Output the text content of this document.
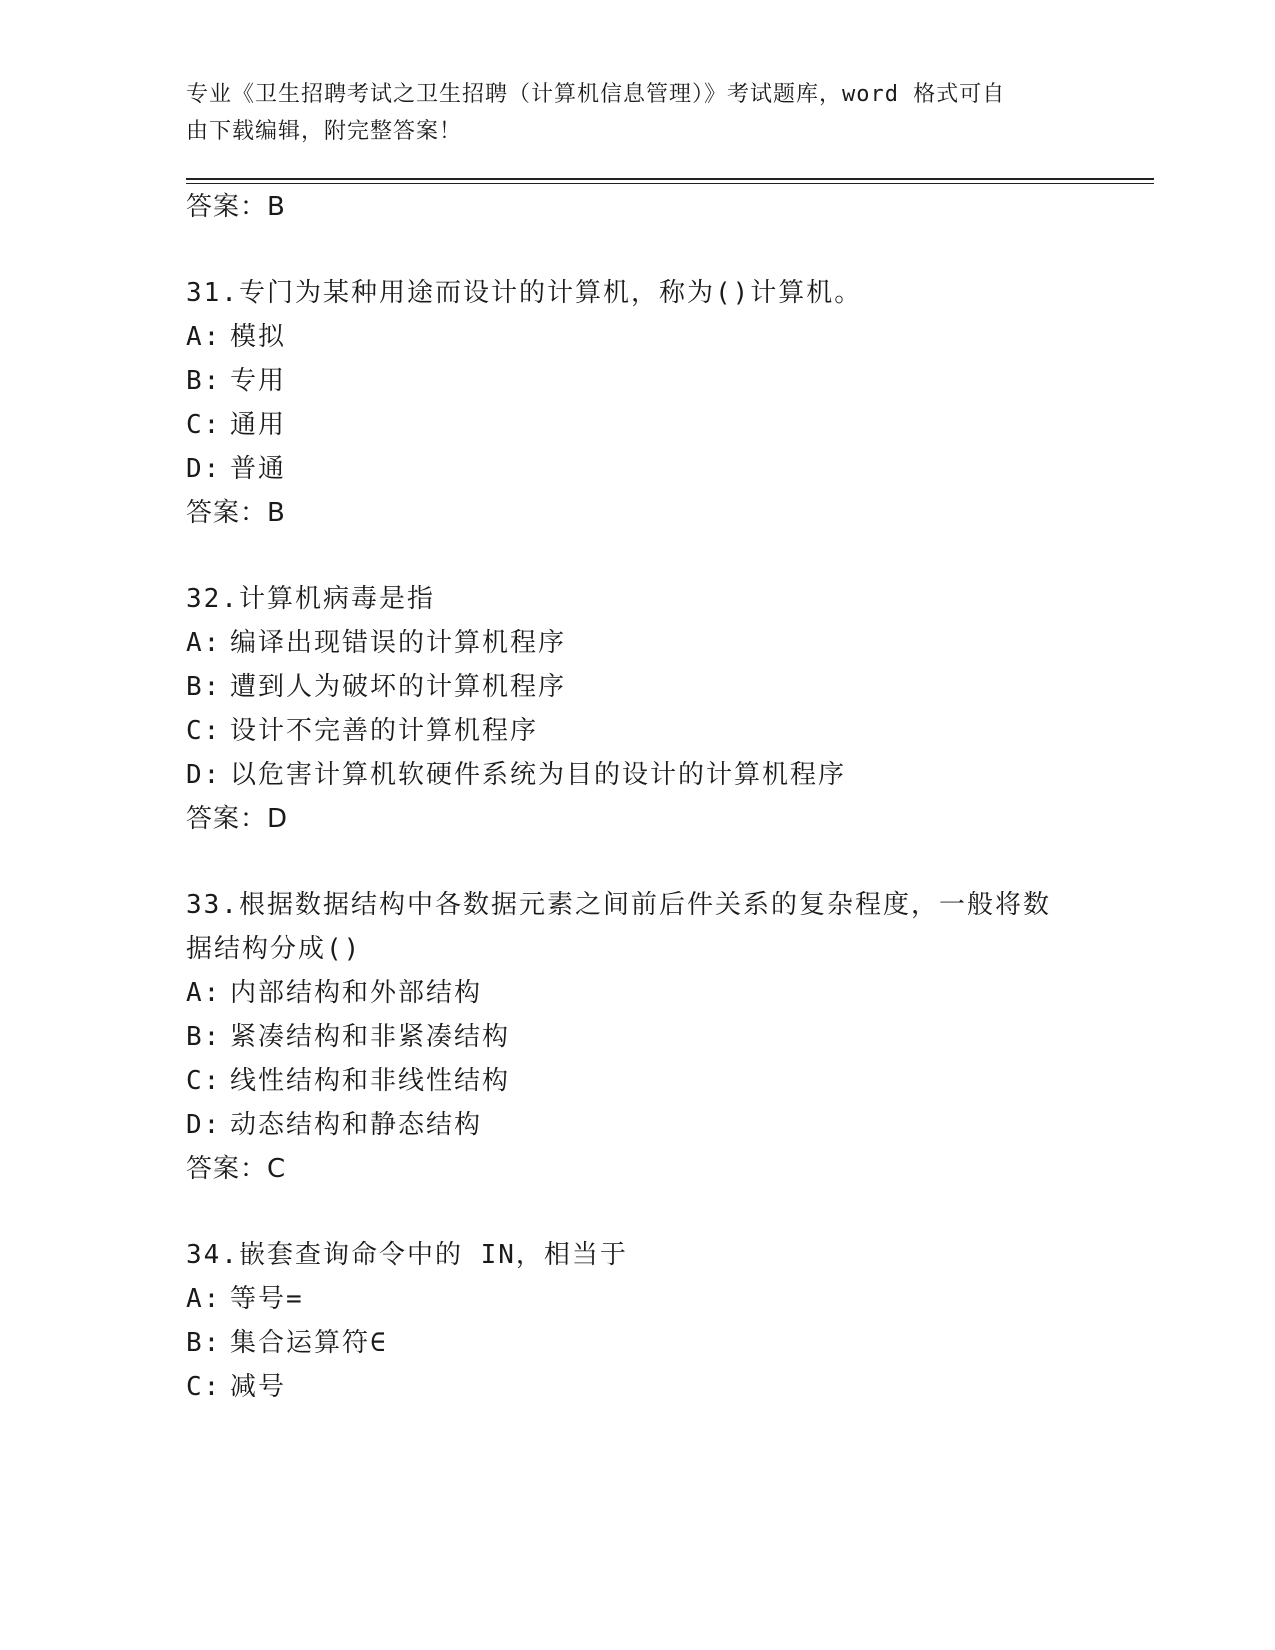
专业《卫生招聘考试之卫生招聘（计算机信息管理）》考试题库，word 格式可自
由下载编辑，附完整答案！
答案：B
31.专门为某种用途而设计的计算机，称为()计算机。
A: 模拟
B: 专用
C: 通用
D: 普通
答案：B
32.计算机病毒是指
A: 编译出现错误的计算机程序
B: 遭到人为破坏的计算机程序
C: 设计不完善的计算机程序
D: 以危害计算机软硬件系统为目的设计的计算机程序
答案：D
33.根据数据结构中各数据元素之间前后件关系的复杂程度，一般将数
据结构分成()
A: 内部结构和外部结构
B: 紧凑结构和非紧凑结构
C: 线性结构和非线性结构
D: 动态结构和静态结构
答案：C
34.嵌套查询命令中的 IN，相当于
A: 等号=
B: 集合运算符∈
C: 减号
